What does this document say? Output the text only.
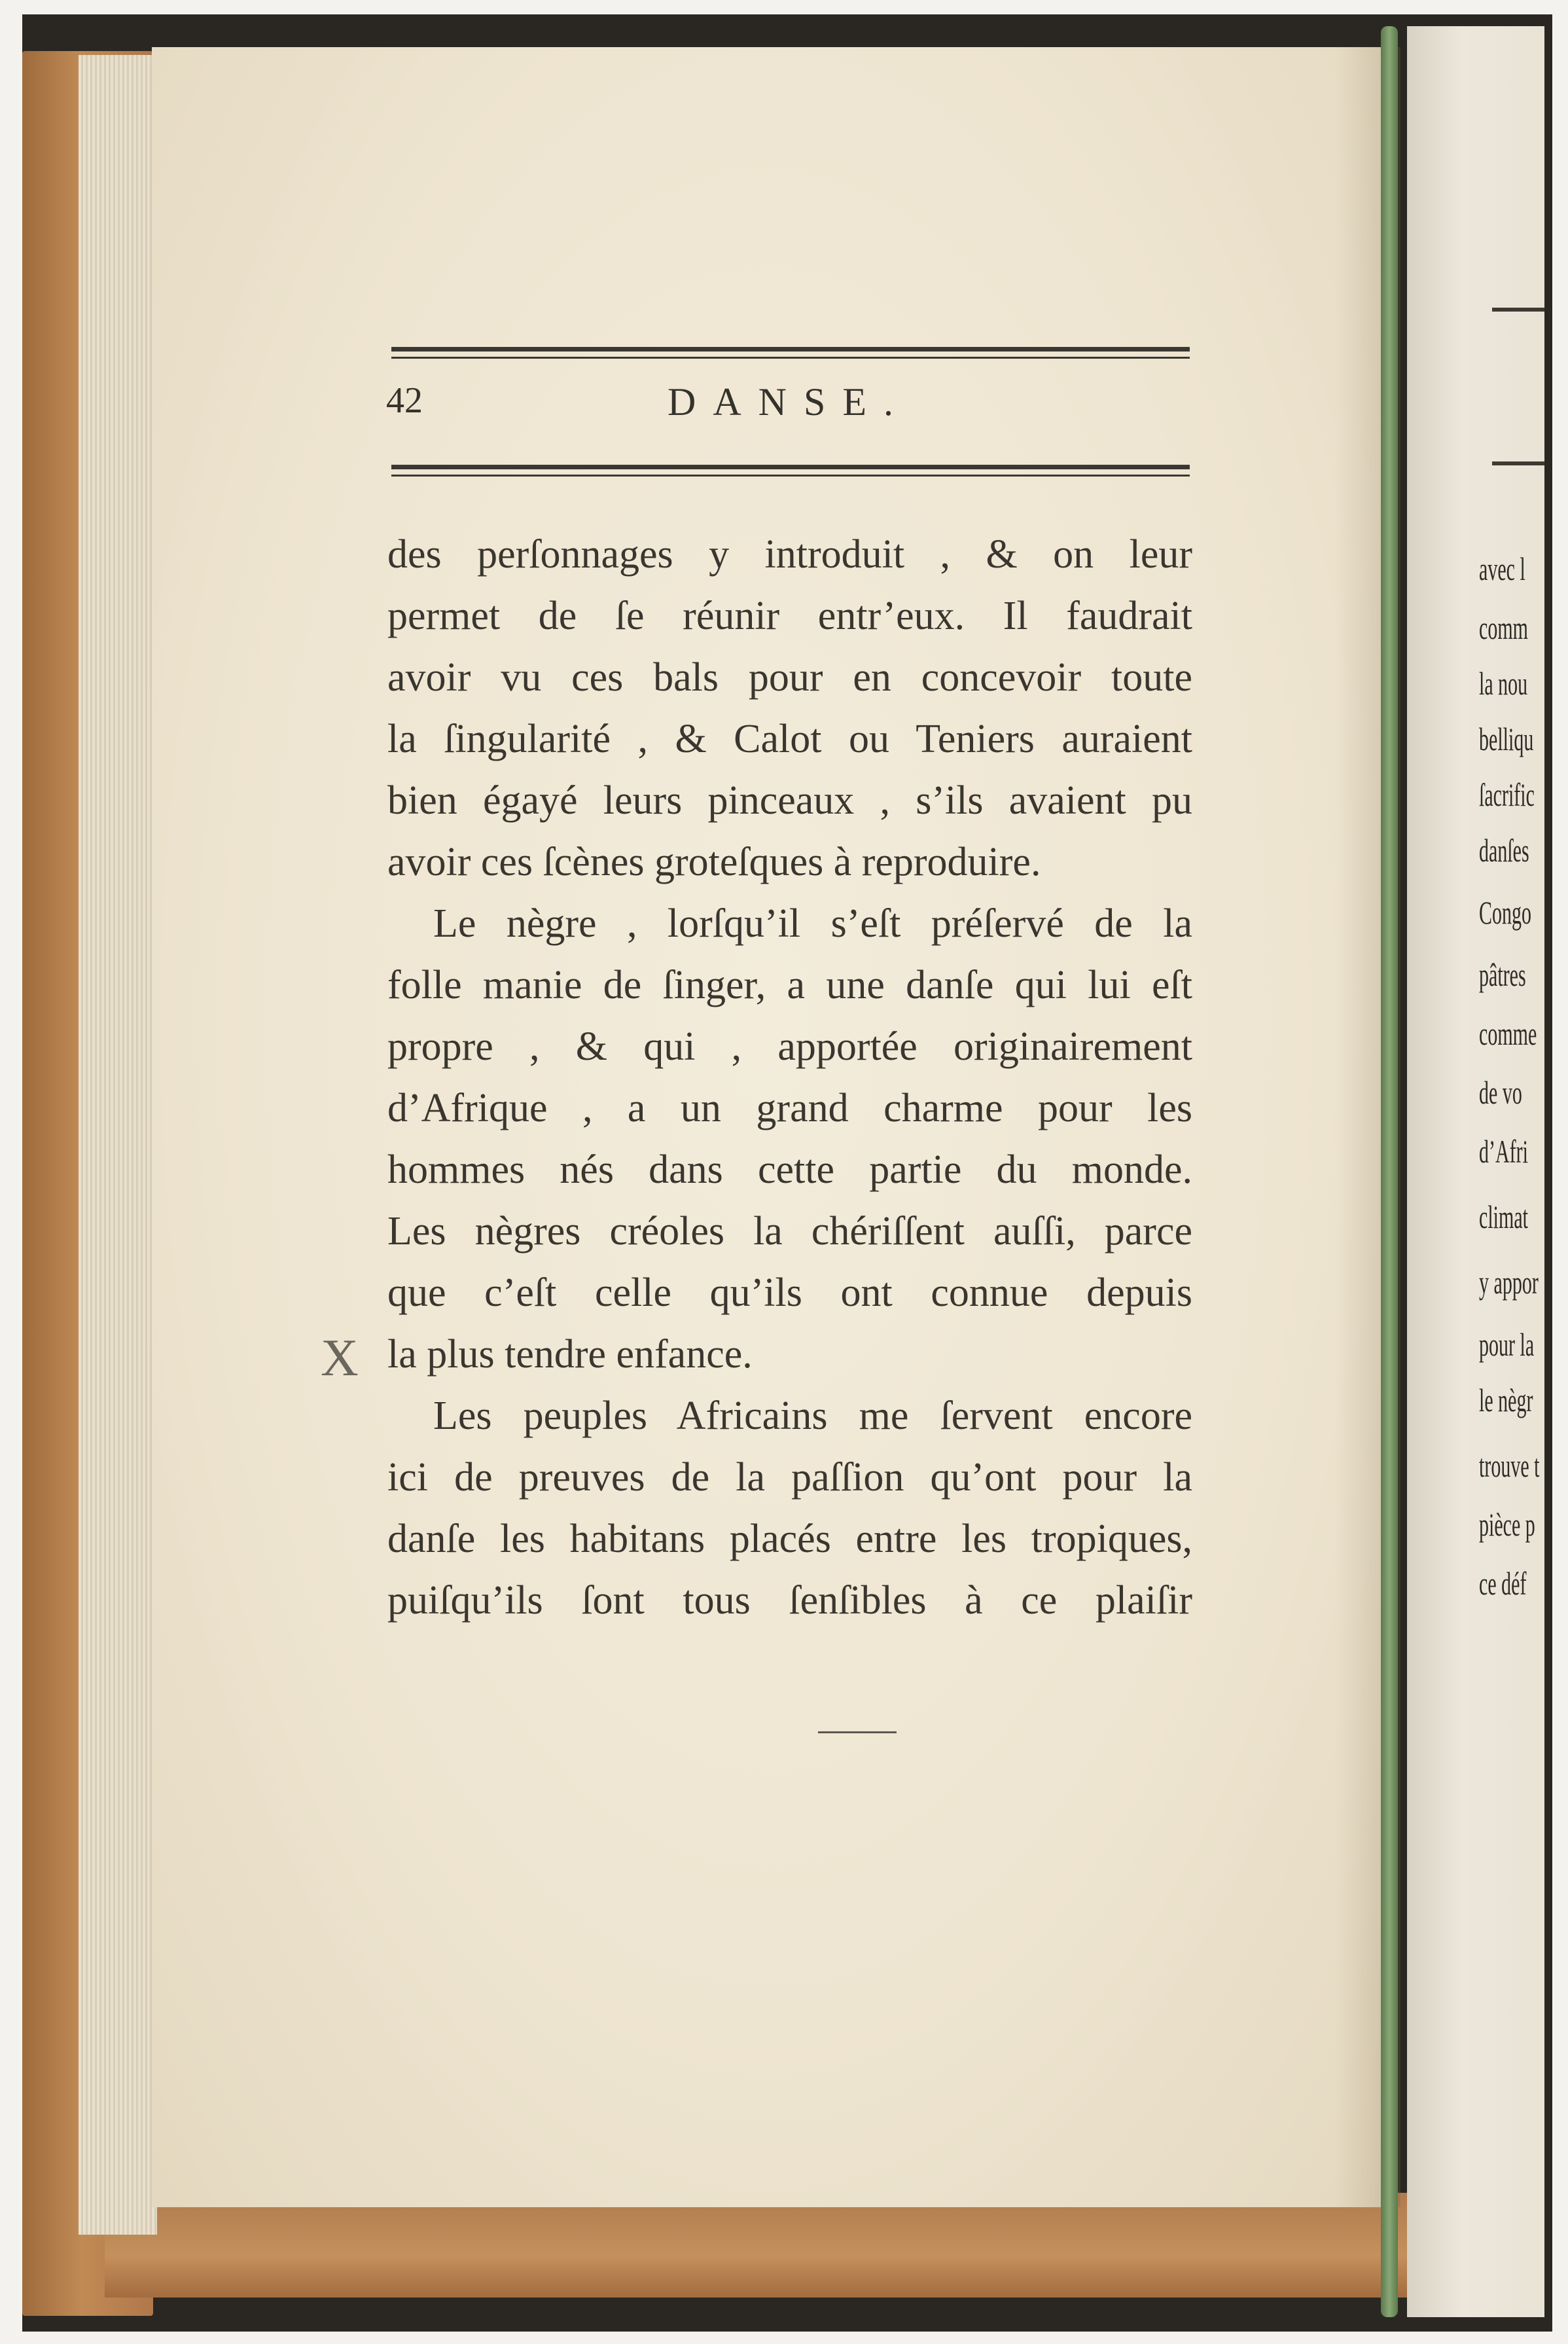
avec l
comm
la nou
belliqu
ſacrific
danſes
Congo
pâtres
comme
de vo
d’Afri
climat
y appor
pour la
le nègr
trouve t
pièce p
ce déf
42	DANSE.
des perſonnages y introduit , & on leur
permet de ſe réunir entr’eux. Il faudrait
avoir vu ces bals pour en concevoir toute
la ſingularité , & Calot ou Teniers auraient
bien égayé leurs pinceaux , s’ils avaient pu
avoir ces ſcènes groteſques à reproduire.
Le nègre , lorſqu’il s’eſt préſervé de la
folle manie de ſinger, a une danſe qui lui eſt
propre , & qui , apportée originairement
d’Afrique , a un grand charme pour les
hommes nés dans cette partie du monde.
Les nègres créoles la chériſſent auſſi, parce
que c’eſt celle qu’ils ont connue depuis
la plus tendre enfance.
Les peuples Africains me ſervent encore
ici de preuves de la paſſion qu’ont pour la
danſe les habitans placés entre les tropiques,
puiſqu’ils ſont tous ſenſibles à ce plaiſir
X
